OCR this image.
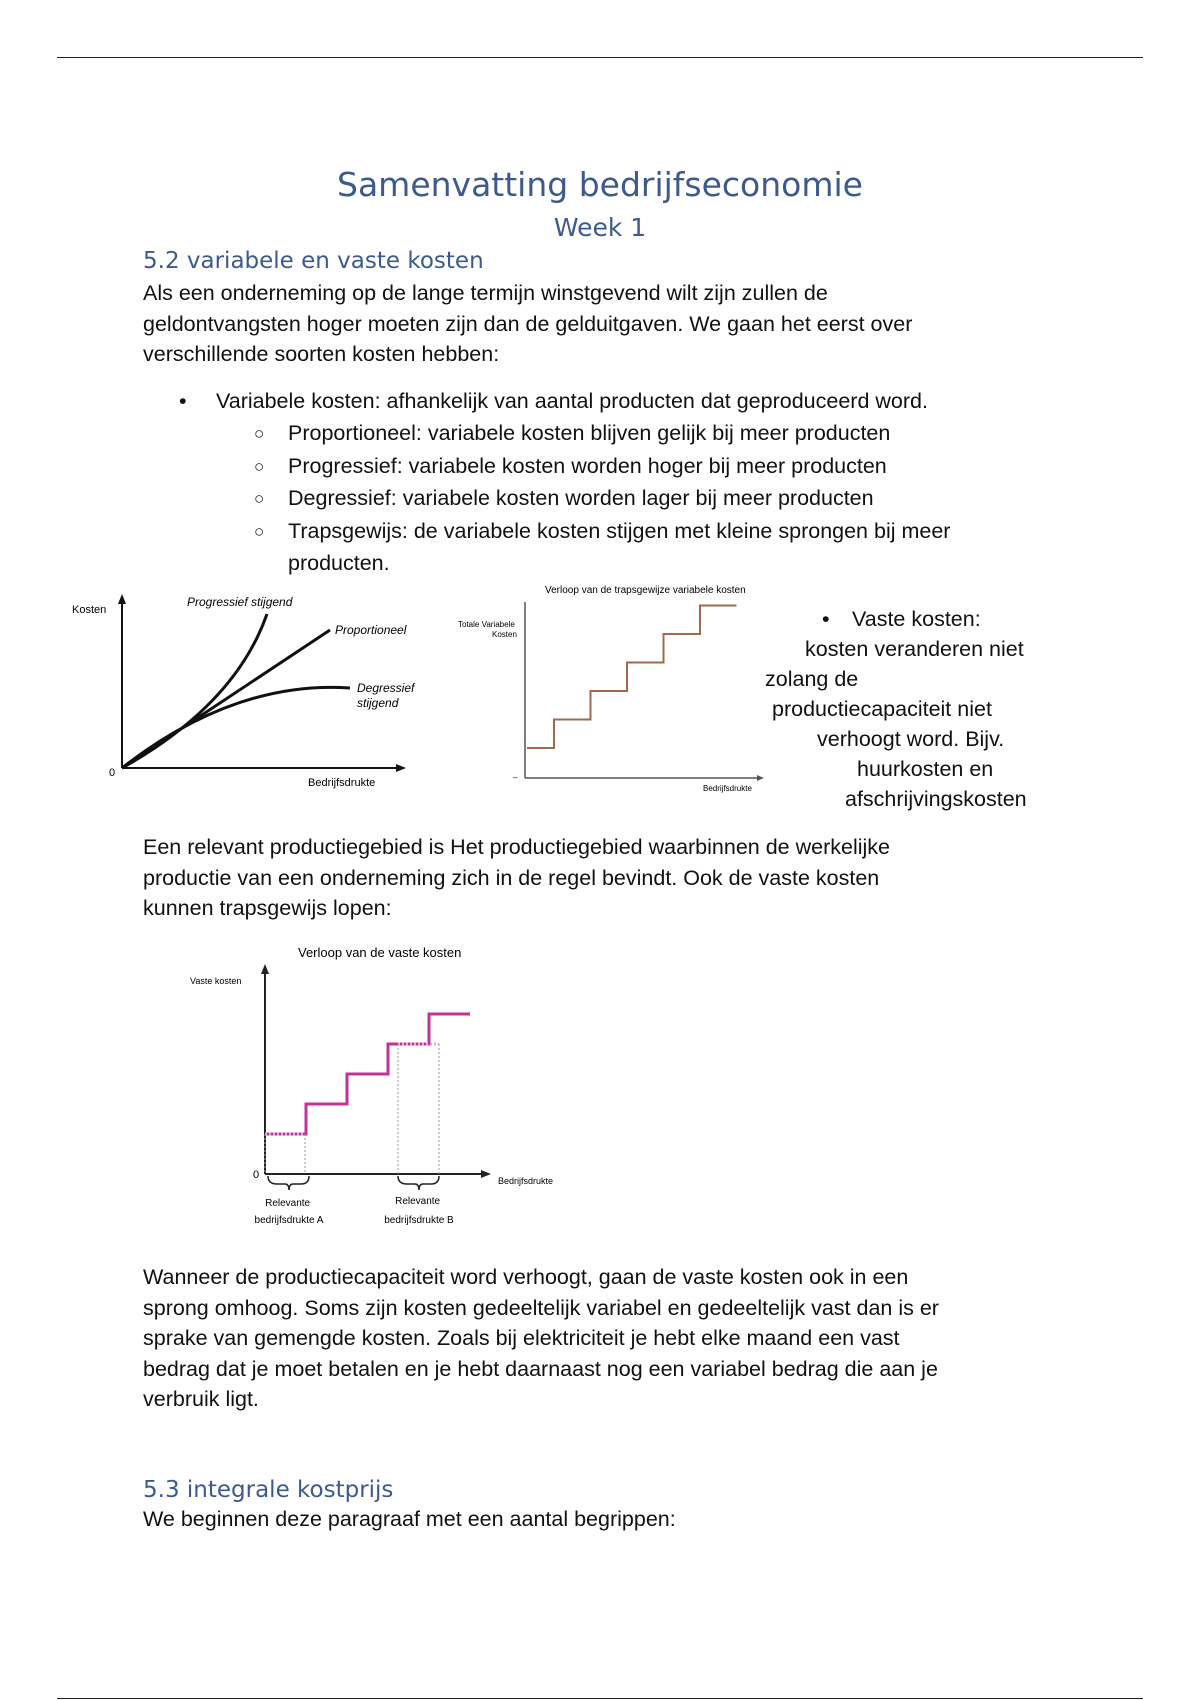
Samenvatting bedrijfseconomie
Week 1
5.2 variabele en vaste kosten

Als een onderneming op de lange termijn winstgevend wilt zijn zullen de
geldontvangsten hoger moeten zijn dan de gelduitgaven. We gaan het eerst over
verschillende soorten kosten hebben:

• Variabele kosten: afhankelijk van aantal producten dat geproduceerd word.
○ Proportioneel: variabele kosten blijven gelijk bij meer producten
○ Progressief: variabele kosten worden hoger bij meer producten
○ Degressief: variabele kosten worden lager bij meer producten
○ Trapsgewijs: de variabele kosten stijgen met kleine sprongen bij meer
producten.
Kosten
0
Progressief stijgend
Proportioneel
Degressief stijgend
Bedrijfsdrukte
Verloop van de trapsgewijze variabele kosten
Totale Variabele Kosten
–
Bedrijfsdrukte
• Vaste kosten:
kosten veranderen niet
zolang de
productiecapaciteit niet
verhoogt word. Bijv.
huurkosten en
afschrijvingskosten

Een relevant productiegebied is Het productiegebied waarbinnen de werkelijke
productie van een onderneming zich in de regel bevindt. Ook de vaste kosten
kunnen trapsgewijs lopen:

Verloop van de vaste kosten
Vaste kosten
0	Bedrijfsdrukte
Relevante bedrijfsdrukte A
Relevante bedrijfsdrukte B

Wanneer de productiecapaciteit word verhoogt, gaan de vaste kosten ook in een
sprong omhoog. Soms zijn kosten gedeeltelijk variabel en gedeeltelijk vast dan is er
sprake van gemengde kosten. Zoals bij elektriciteit je hebt elke maand een vast
bedrag dat je moet betalen en je hebt daarnaast nog een variabel bedrag die aan je
verbruik ligt.

5.3 integrale kostprijs

We beginnen deze paragraaf met een aantal begrippen:
